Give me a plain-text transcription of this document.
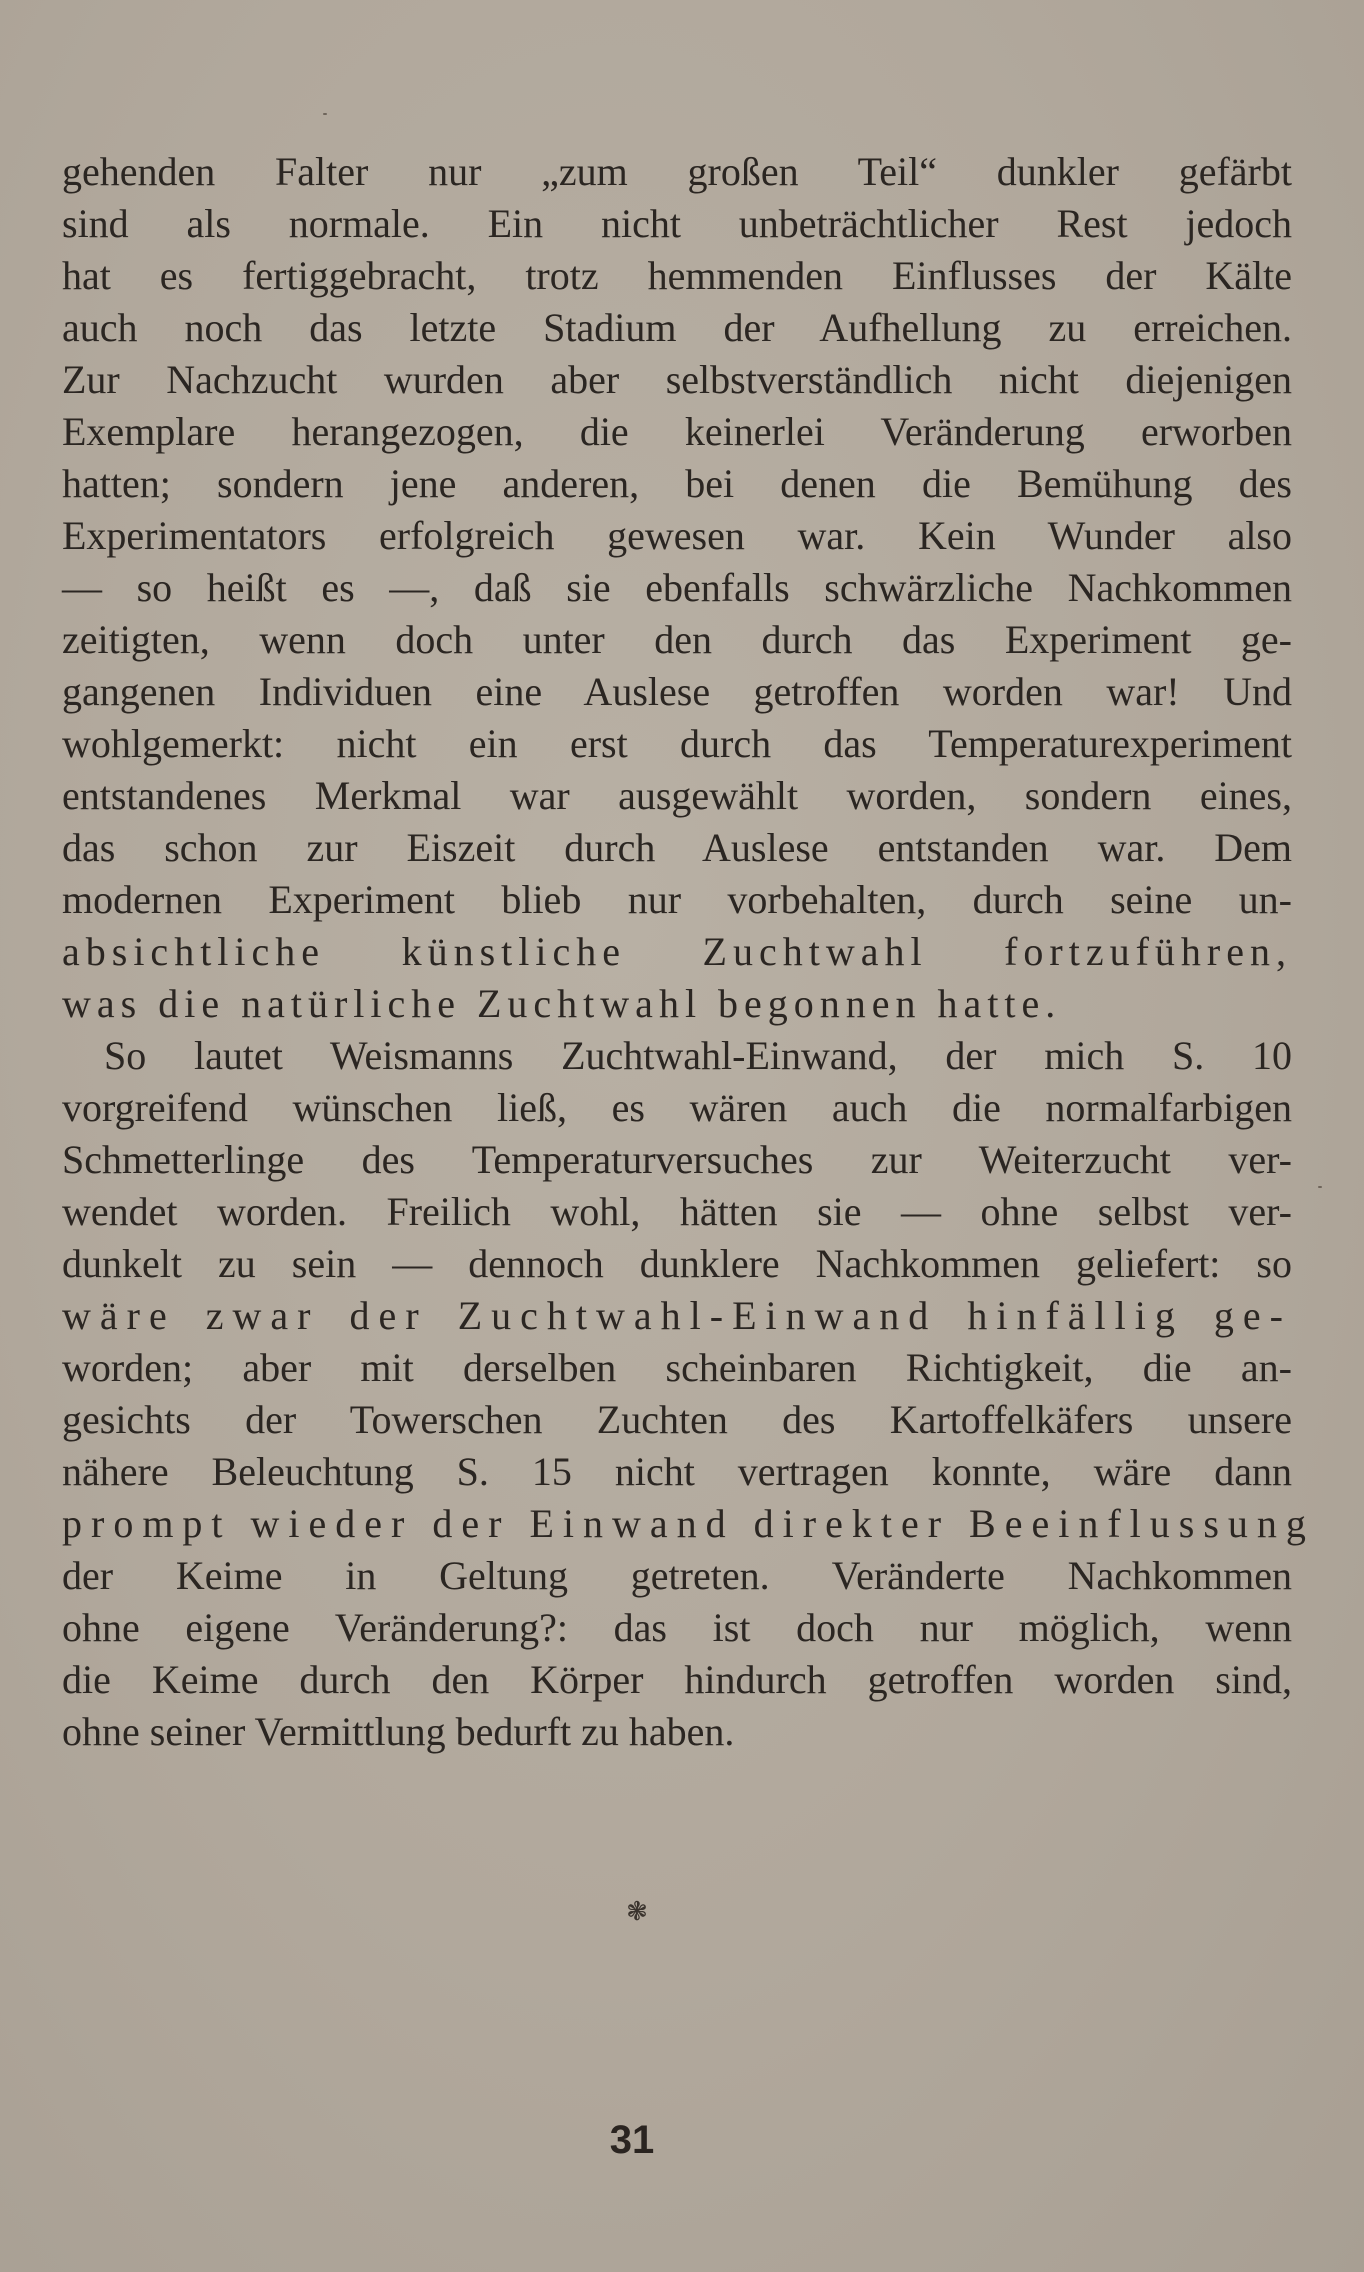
gehenden Falter nur „zum großen Teil“ dunkler gefärbt
sind als normale. Ein nicht unbeträchtlicher Rest jedoch
hat es fertiggebracht, trotz hemmenden Einflusses der Kälte
auch noch das letzte Stadium der Aufhellung zu erreichen.
Zur Nachzucht wurden aber selbstverständlich nicht diejenigen
Exemplare herangezogen, die keinerlei Veränderung erworben
hatten; sondern jene anderen, bei denen die Bemühung des
Experimentators erfolgreich gewesen war. Kein Wunder also
— so heißt es —, daß sie ebenfalls schwärzliche Nachkommen
zeitigten, wenn doch unter den durch das Experiment ge-
gangenen Individuen eine Auslese getroffen worden war! Und
wohlgemerkt: nicht ein erst durch das Temperaturexperiment
entstandenes Merkmal war ausgewählt worden, sondern eines,
das schon zur Eiszeit durch Auslese entstanden war. Dem
modernen Experiment blieb nur vorbehalten, durch seine un-
absichtliche künstliche Zuchtwahl fortzuführen,
was die natürliche Zuchtwahl begonnen hatte.
So lautet Weismanns Zuchtwahl-Einwand, der mich S. 10
vorgreifend wünschen ließ, es wären auch die normalfarbigen
Schmetterlinge des Temperaturversuches zur Weiterzucht ver-
wendet worden. Freilich wohl, hätten sie — ohne selbst ver-
dunkelt zu sein — dennoch dunklere Nachkommen geliefert: so
wäre zwar der Zuchtwahl-Einwand hinfällig ge-
worden; aber mit derselben scheinbaren Richtigkeit, die an-
gesichts der Towerschen Zuchten des Kartoffelkäfers unsere
nähere Beleuchtung S. 15 nicht vertragen konnte, wäre dann
prompt wieder der Einwand direkter Beeinflussung
der Keime in Geltung getreten. Veränderte Nachkommen
ohne eigene Veränderung?: das ist doch nur möglich, wenn
die Keime durch den Körper hindurch getroffen worden sind,
ohne seiner Vermittlung bedurft zu haben.
❃
31
